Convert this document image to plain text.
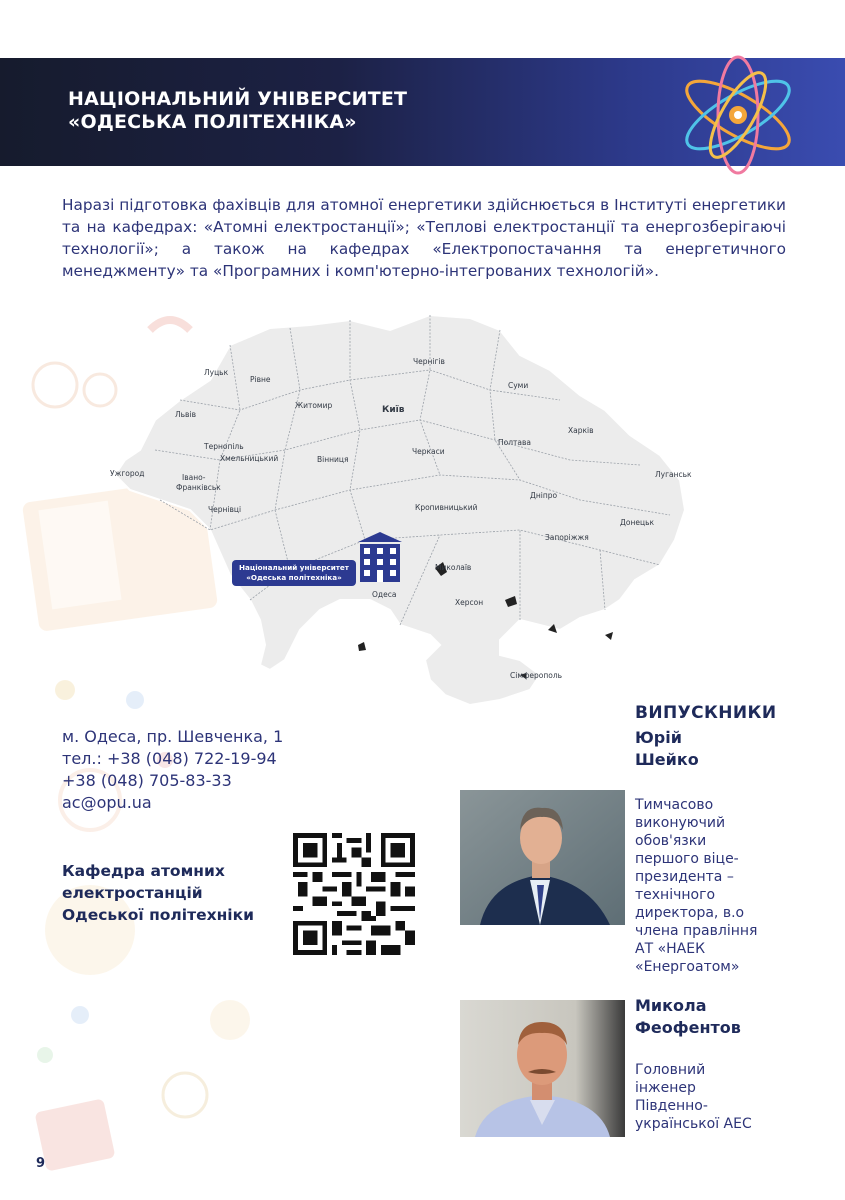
НАЦІОНАЛЬНИЙ УНІВЕРСИТЕТ
«ОДЕСЬКА ПОЛІТЕХНІКА»

Наразі підготовка фахівців для атомної енергетики здійснюється в Інституті енергетики та на кафедрах: «Атомні електростанції»; «Теплові електростанції та енергозберігаючі технології»; а також на кафедрах «Електропостачання та енергетичного менеджменту» та «Програмних і комп'ютерно-інтегрованих технологій».

Луцьк
Рівне
Львів
Житомир	Київ
Чернігів
Суми
Тернопіль
Хмельницький	Вінниця
Черкаси
Полтава
Харків
Ужгород	Івано-
Франківськ
Чернівці	Кропивницький
Дніпро
Луганськ
Донецьк
Запоріжжя
Миколаїв
Одеса
Херсон
Сімферополь
Національний університет
«Одеська політехніка»
м. Одеса, пр. Шевченка, 1
тел.: +38 (048) 722-19-94
+38 (048) 705-83-33
ac@opu.ua
Кафедра атомних
електростанцій
Одеської політехніки
ВИПУСКНИКИ
Юрій
Шейко
Тимчасово
виконуючий
обов'язки
першого віце-
президента –
технічного
директора, в.о
члена правління
АТ «НАЕК
«Енергоатом»
Микола
Феофентов
Головний
інженер
Південно-
української АЕС
9
